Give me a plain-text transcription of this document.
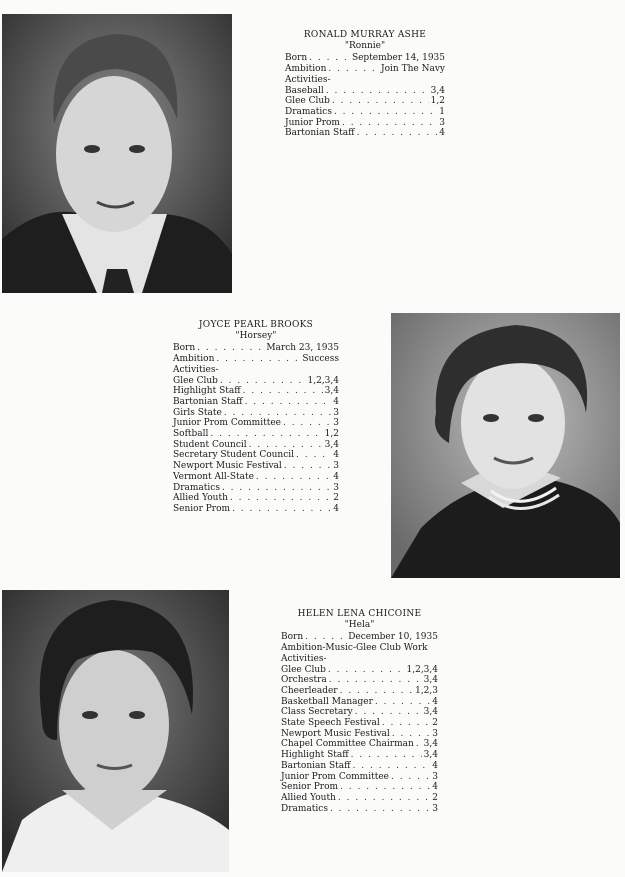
RONALD MURRAY ASHE
"Ronnie"
Born . . .	September 14, 1935
Ambition . . .	Join The Navy
Activities-
Baseball . . .	3,4
Glee Club . . .	1,2
Dramatics . . .	1
Junior Prom . . .	3
Bartonian Staff . . .	4
JOYCE PEARL BROOKS
"Horsey"
Born . . .	March 23, 1935
Ambition . . .	Success
Activities-
Glee Club . . .	1,2,3,4
Highlight Staff . . .	3,4
Bartonian Staff . . .	4
Girls State . . .	3
Junior Prom Committee . . .	3
Softball . . .	1,2
Student Council . . .	3,4
Secretary Student Council . . .	4
Newport Music Festival . . .	3
Vermont All-State . . .	4
Dramatics . . .	3
Allied Youth . . .	2
Senior Prom . . .	4
HELEN LENA CHICOINE
"Hela"
Born . . .	December 10, 1935
Ambition-Music-Glee Club Work
Activities-
Glee Club . . .	1,2,3,4
Orchestra . . .	3,4
Cheerleader . . .	1,2,3
Basketball Manager . . .	4
Class Secretary . . .	3,4
State Speech Festival . . .	2
Newport Music Festival . . .	3
Chapel Committee Chairman . . . 3,4
Highlight Staff . . .	3,4
Bartonian Staff . . .	4
Junior Prom Committee . . .	3
Senior Prom . . .	4
Allied Youth . . .	2
Dramatics . . .	3
